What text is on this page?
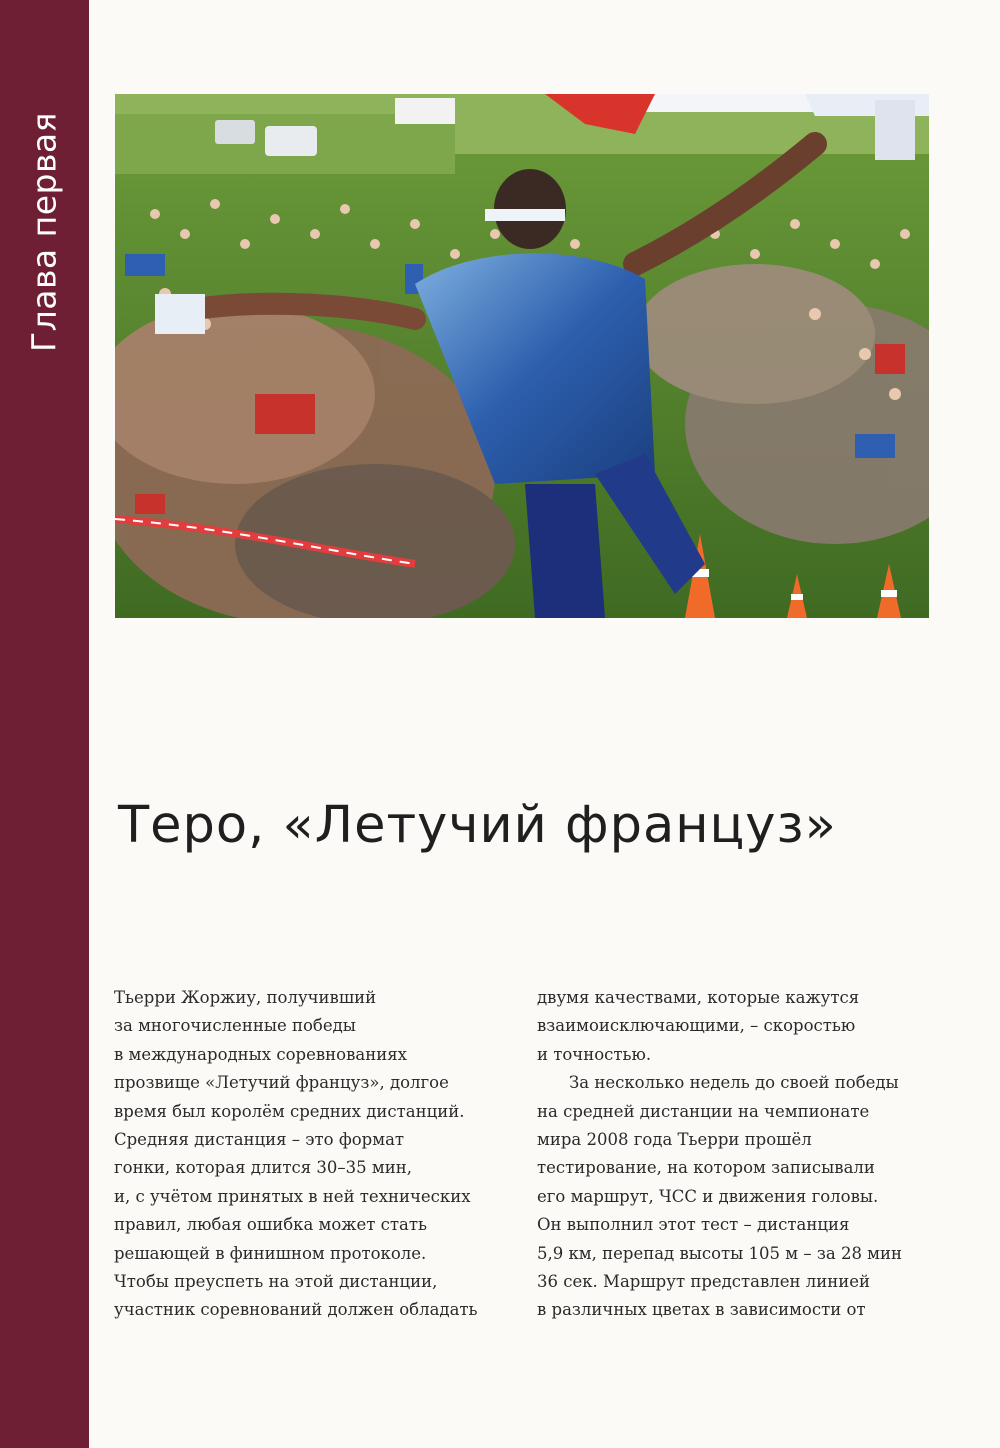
Глава первая
Теро, «Летучий француз»
Тьерри Жоржиу, получивший
за многочисленные победы
в международных соревнованиях
прозвище «Летучий француз», долгое
время был королём средних дистанций.
Средняя дистанция – это формат
гонки, которая длится 30–35 мин,
и, с учётом принятых в ней технических
правил, любая ошибка может стать
решающей в финишном протоколе.
Чтобы преуспеть на этой дистанции,
участник соревнований должен обладать
двумя качествами, которые кажутся
взаимоисключающими, – скоростью
и точностью.
За несколько недель до своей победы
на средней дистанции на чемпионате
мира 2008 года Тьерри прошёл
тестирование, на котором записывали
его маршрут, ЧСС и движения головы.
Он выполнил этот тест – дистанция
5,9 км, перепад высоты 105 м – за 28 мин
36 сек. Маршрут представлен линией
в различных цветах в зависимости от
